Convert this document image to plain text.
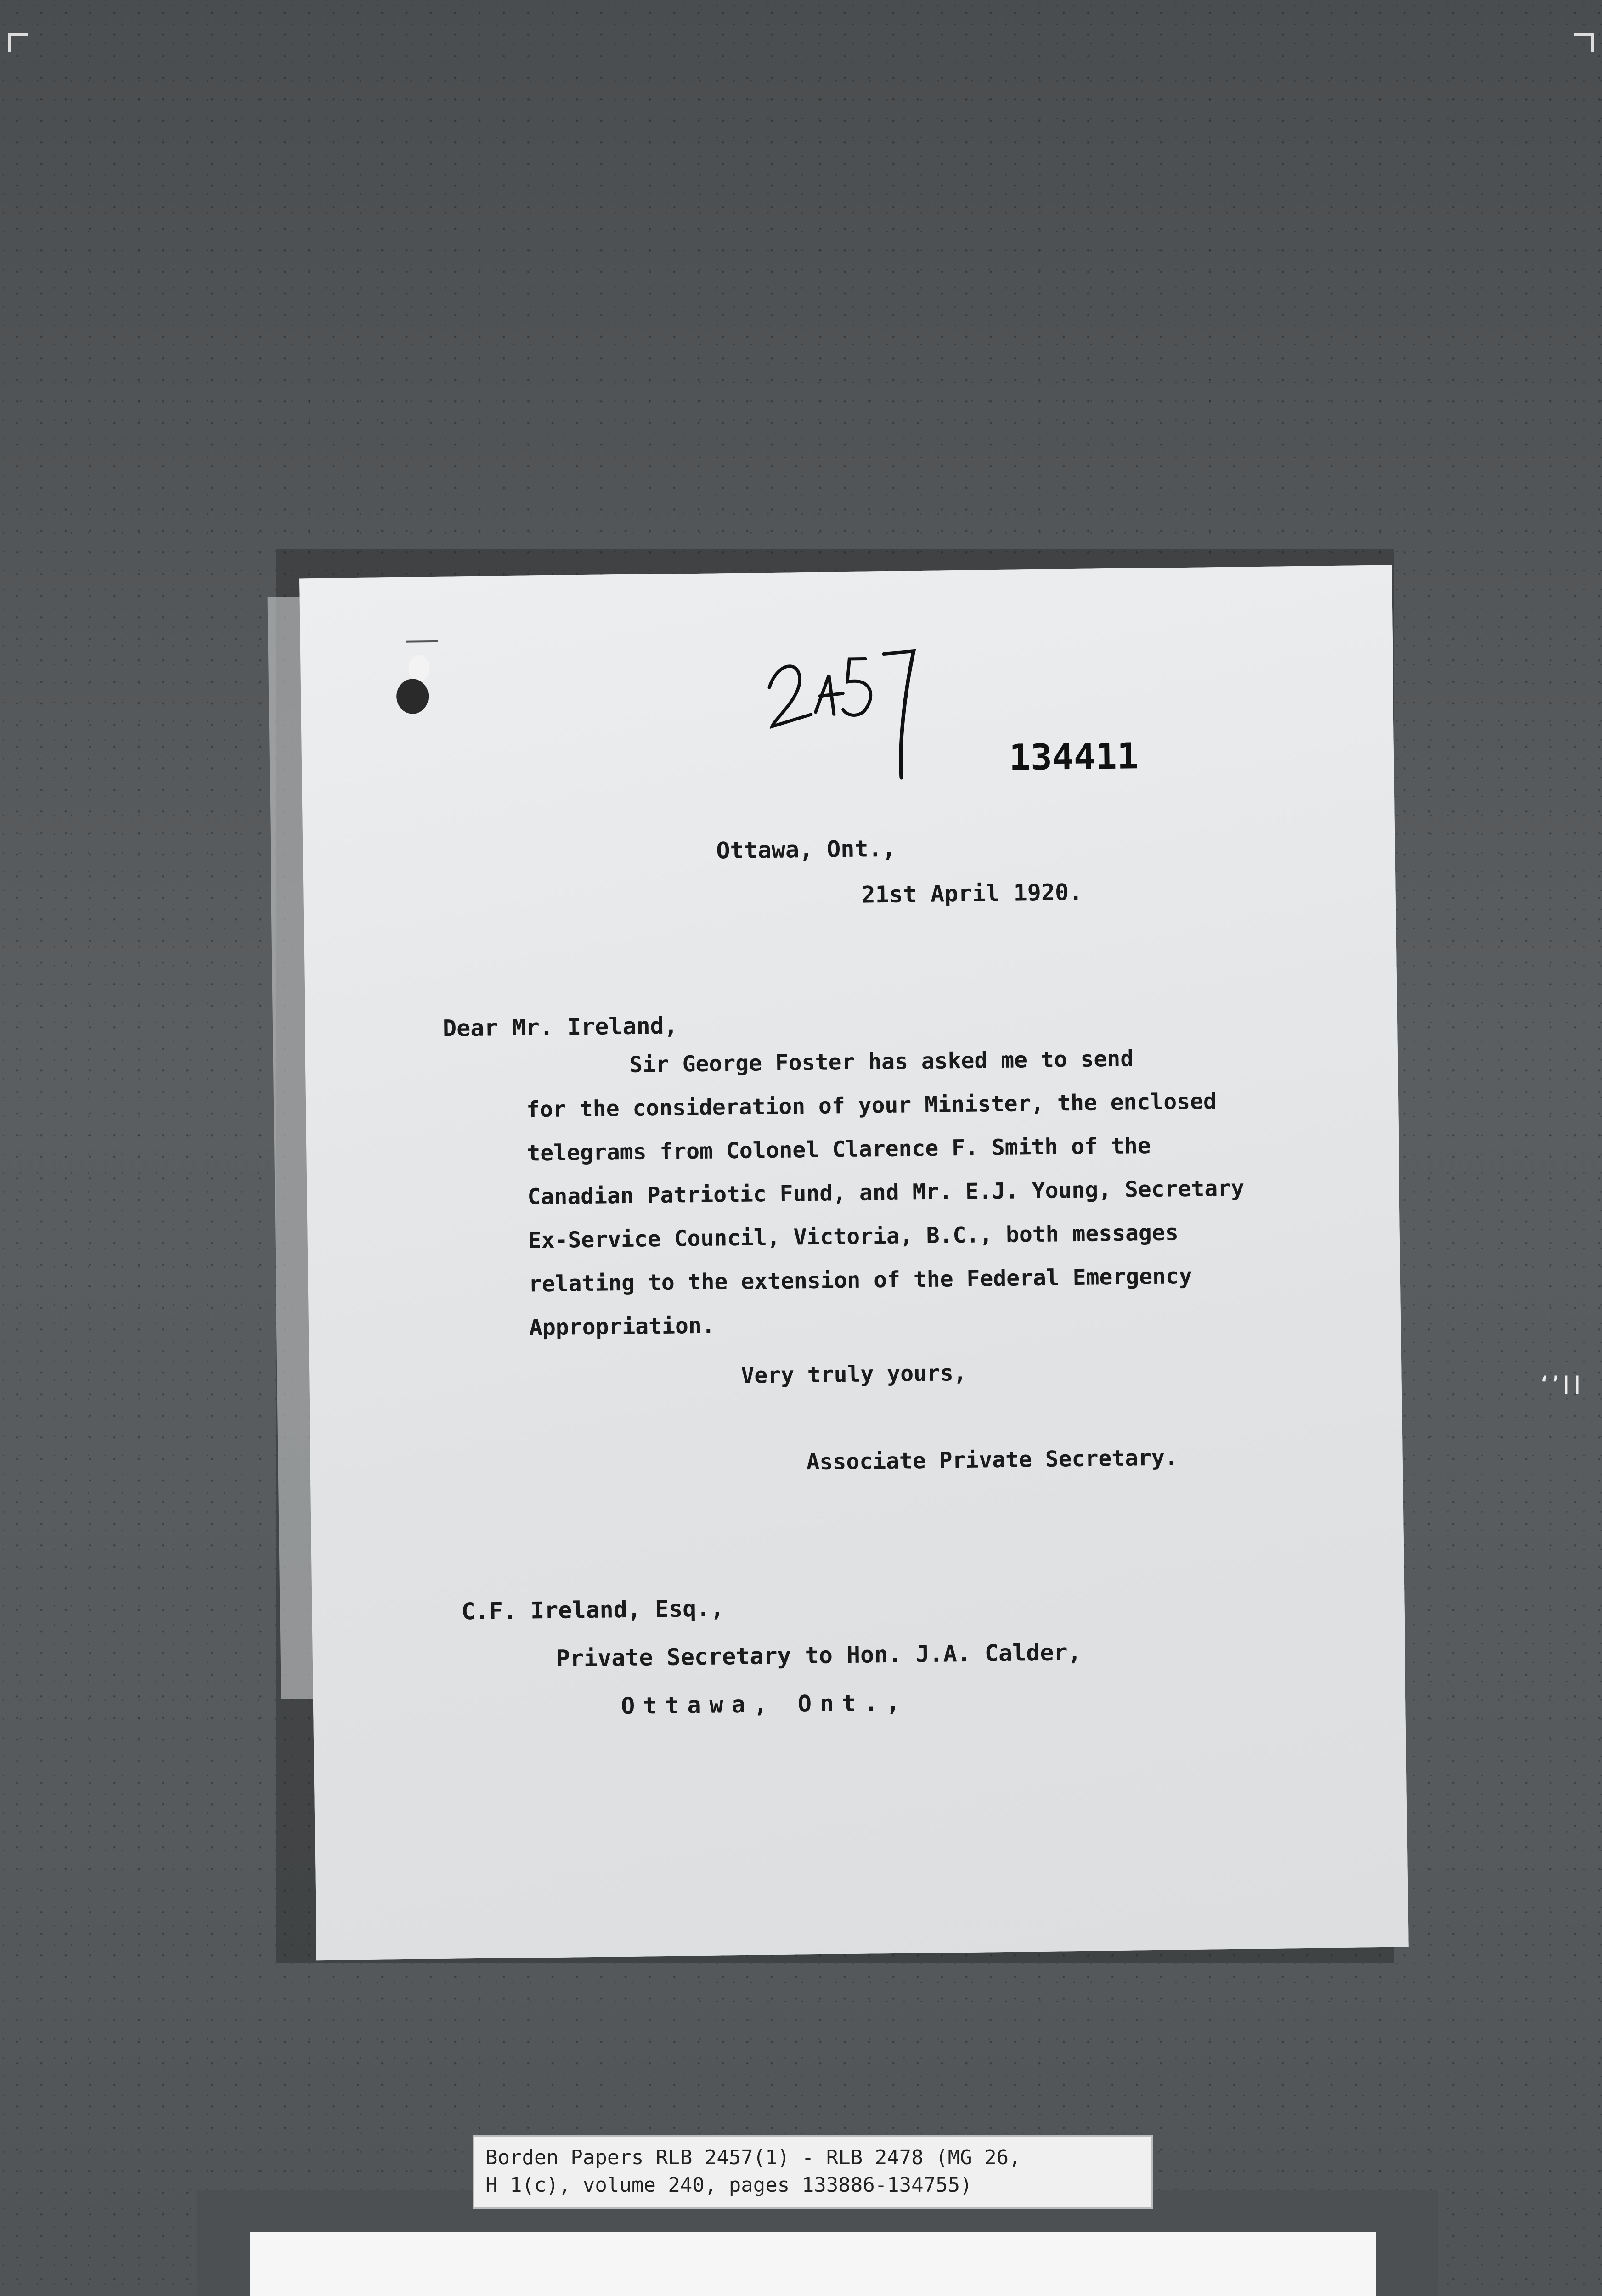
134411
Ottawa, Ont.,
21st April 1920.
Dear Mr. Ireland,
Sir George Foster has asked me to send
for the consideration of your Minister, the enclosed
telegrams from Colonel Clarence F. Smith of the
Canadian Patriotic Fund, and Mr. E.J. Young, Secretary
Ex-Service Council, Victoria, B.C., both messages
relating to the extension of the Federal Emergency
Appropriation.
Very truly yours,
Associate Private Secretary.
C.F. Ireland, Esq.,
Private Secretary to Hon. J.A. Calder,
Ottawa, Ont.,
‘’||
Borden Papers RLB 2457(1) - RLB 2478 (MG 26,
H 1(c), volume 240, pages 133886-134755)
